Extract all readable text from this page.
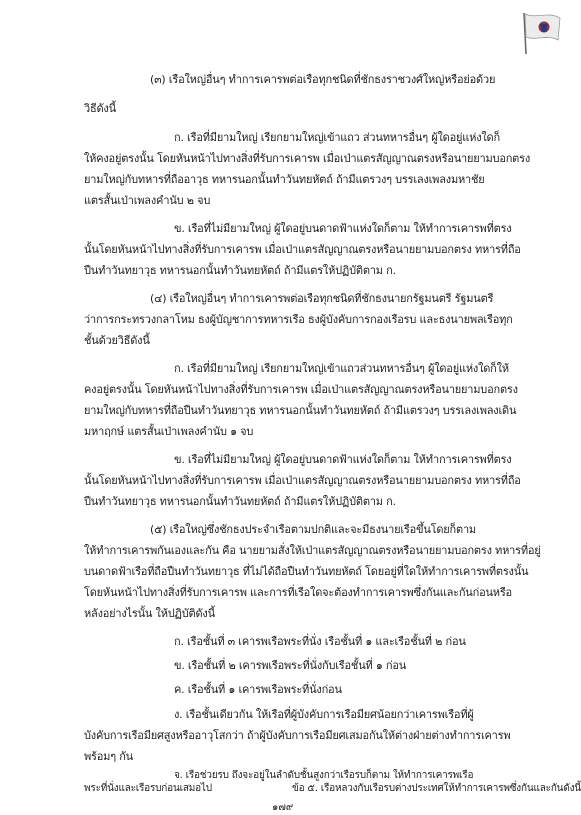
(๓) เรือใหญ่อื่นๆ ทำการเคารพต่อเรือทุกชนิดที่ชักธงราชวงศ์ใหญ่หรือย่อด้วย
วิธีดังนี้
ก. เรือที่มียามใหญ่ เรียกยามใหญ่เข้าแถว ส่วนทหารอื่นๆ ผู้ใดอยู่แห่งใดก็
ให้คงอยู่ตรงนั้น โดยหันหน้าไปทางสิ่งที่รับการเคารพ เมื่อเป่าแตรสัญญาณตรงหรือนายยามบอกตรง
ยามใหญ่กับทหารที่ถืออาวุธ ทหารนอกนั้นทำวันทยหัตถ์ ถ้ามีแตรวงๆ บรรเลงเพลงมหาชัย
แตรสั้นเป่าเพลงคำนับ ๒ จบ
ข. เรือที่ไม่มียามใหญ่ ผู้ใดอยู่บนดาดฟ้าแห่งใดก็ตาม ให้ทำการเคารพที่ตรง
นั้นโดยหันหน้าไปทางสิ่งที่รับการเคารพ เมื่อเป่าแตรสัญญาณตรงหรือนายยามบอกตรง ทหารที่ถือ
ปืนทำวันทยาวุธ ทหารนอกนั้นทำวันทยหัตถ์ ถ้ามีแตรให้ปฏิบัติตาม ก.
(๔) เรือใหญ่อื่นๆ ทำการเคารพต่อเรือทุกชนิดที่ชักธงนายกรัฐมนตรี รัฐมนตรี
ว่าการกระทรวงกลาโหม ธงผู้บัญชาการทหารเรือ ธงผู้บังคับการกองเรือรบ และธงนายพลเรือทุก
ชั้นด้วยวิธีดังนี้
ก. เรือที่มียามใหญ่ เรียกยามใหญ่เข้าแถวส่วนทหารอื่นๆ ผู้ใดอยู่แห่งใดก็ให้
คงอยู่ตรงนั้น โดยหันหน้าไปทางสิ่งที่รับการเคารพ เมื่อเป่าแตรสัญญาณตรงหรือนายยามบอกตรง
ยามใหญ่กับทหารที่ถือปืนทำวันทยาวุธ ทหารนอกนั้นทำวันทยหัตถ์ ถ้ามีแตรวงๆ บรรเลงเพลงเดิน
มหาฤกษ์ แตรสั้นเป่าเพลงคำนับ ๑ จบ
ข. เรือที่ไม่มียามใหญ่ ผู้ใดอยู่บนดาดฟ้าแห่งใดก็ตาม ให้ทำการเคารพที่ตรง
นั้นโดยหันหน้าไปทางสิ่งที่รับการเคารพ เมื่อเป่าแตรสัญญาณตรงหรือนายยามบอกตรง ทหารที่ถือ
ปืนทำวันทยาวุธ ทหารนอกนั้นทำวันทยหัตถ์ ถ้ามีแตรให้ปฏิบัติตาม ก.
(๕) เรือใหญ่ซึ่งชักธงประจำเรือตามปกติและจะมีธงนายเรือขึ้นโดยก็ตาม
ให้ทำการเคารพกันเองและกัน คือ นายยามสั่งให้เป่าแตรสัญญาณตรงหรือนายยามบอกตรง ทหารที่อยู่
บนดาดฟ้าเรือที่ถือปืนทำวันทยาวุธ ที่ไม่ได้ถือปืนทำวันทยหัตถ์ โดยอยู่ที่ใดให้ทำการเคารพที่ตรงนั้น
โดยหันหน้าไปทางสิ่งที่รับการเคารพ และการที่เรือใดจะต้องทำการเคารพซึ่งกันและกันก่อนหรือ
หลังอย่างไรนั้น ให้ปฏิบัติดังนี้
ก. เรือชั้นที่ ๓ เคารพเรือพระที่นั่ง เรือชั้นที่ ๑ และเรือชั้นที่ ๒ ก่อน
ข. เรือชั้นที่ ๒ เคารพเรือพระที่นั่งกับเรือชั้นที่ ๑ ก่อน
ค. เรือชั้นที่ ๑ เคารพเรือพระที่นั่งก่อน
ง. เรือชั้นเดียวกัน ให้เรือที่ผู้บังคับการเรือมียศน้อยกว่าเคารพเรือที่ผู้
บังคับการเรือมียศสูงหรืออาวุโสกว่า ถ้าผู้บังคับการเรือมียศเสมอกันให้ต่างฝ่ายต่างทำการเคารพ
พร้อมๆ กัน
จ. เรือช่วยรบ ถึงจะอยู่ในลำดับชั้นสูงกว่าเรือรบก็ตาม ให้ทำการเคารพเรือ
พระที่นั่งและเรือรบก่อนเสมอไป	ข้อ ๕. เรือหลวงกับเรือรบต่างประเทศให้ทำการเคารพซึ่งกันและกันดังนี้
๑๗๙
